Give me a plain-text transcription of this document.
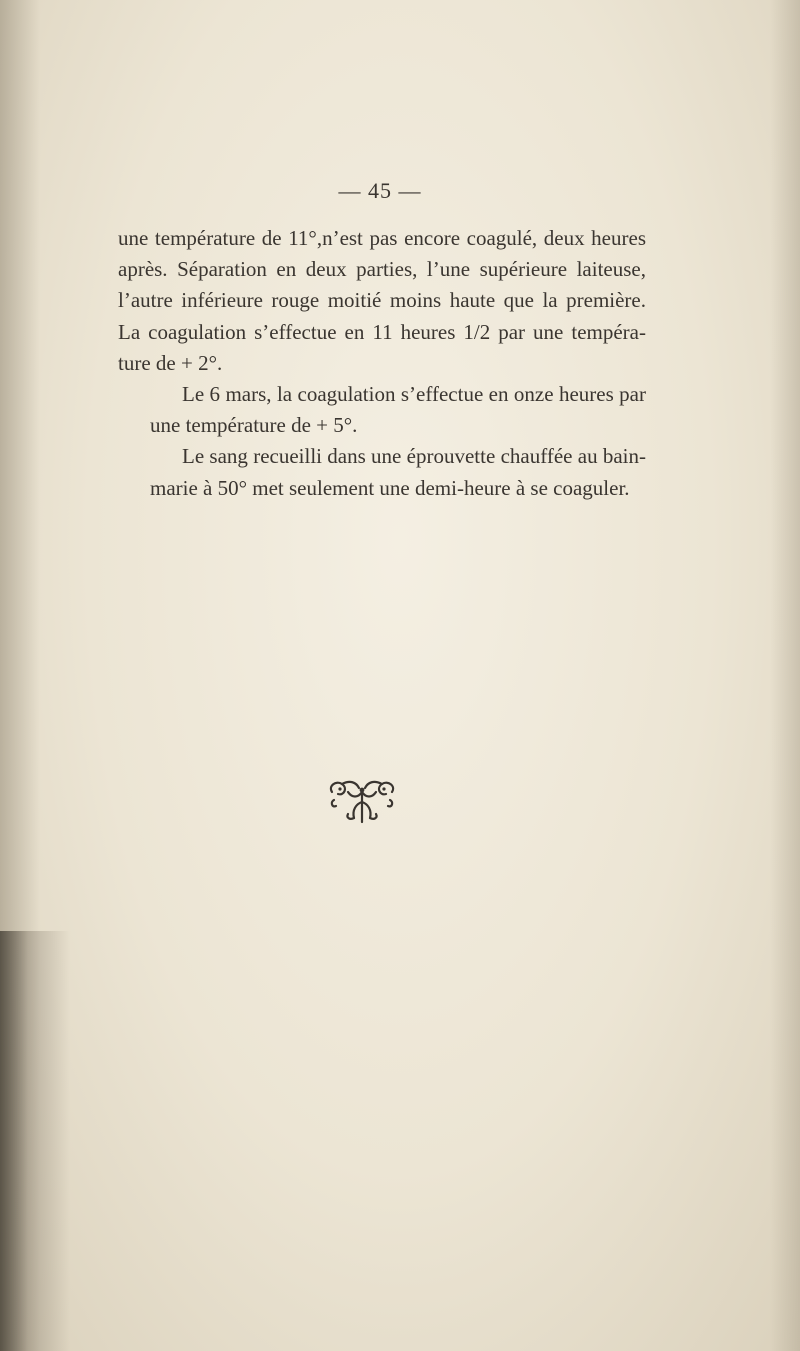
— 45 —

une température de 11°,n’est pas encore coagulé, deux heures
après. Séparation en deux parties, l’une supérieure laiteuse,
l’autre inférieure rouge moitié moins haute que la première.
La coagulation s’effectue en 11 heures 1/2 par une tempéra-
ture de + 2°.

Le 6 mars, la coagulation s’effectue en onze heures par
une température de + 5°.

Le sang recueilli dans une éprouvette chauffée au bain-
marie à 50° met seulement une demi-heure à se coaguler.
